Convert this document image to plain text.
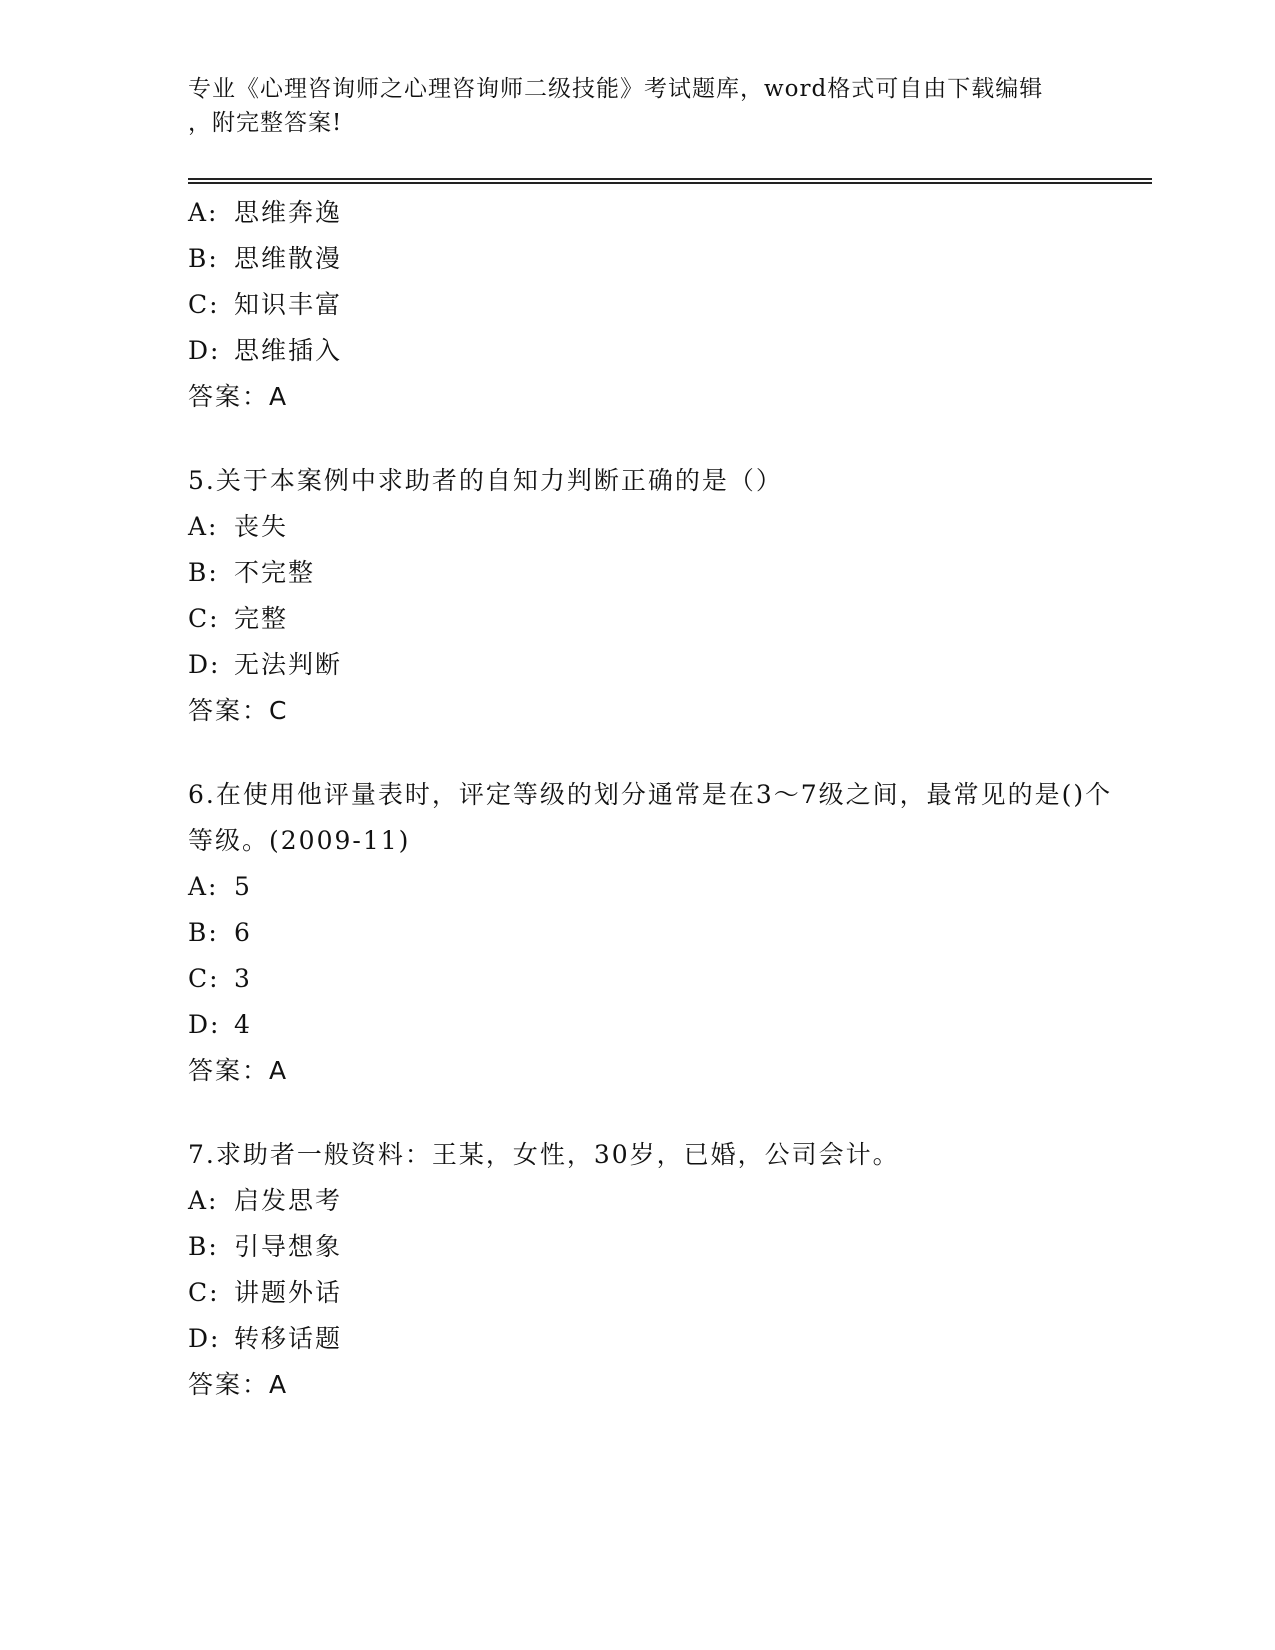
专业《心理咨询师之心理咨询师二级技能》考试题库，word格式可自由下载编辑
，附完整答案!
A: 思维奔逸
B: 思维散漫
C: 知识丰富
D: 思维插入
答案：A

5.关于本案例中求助者的自知力判断正确的是（）

A: 丧失
B: 不完整
C: 完整
D: 无法判断
答案：C

6.在使用他评量表时，评定等级的划分通常是在3～7级之间，最常见的是()个等级。(2009-11)

A: 5
B: 6
C: 3
D: 4
答案：A

7.求助者一般资料：王某，女性，30岁，已婚，公司会计。

A: 启发思考
B: 引导想象
C: 讲题外话
D: 转移话题
答案：A
